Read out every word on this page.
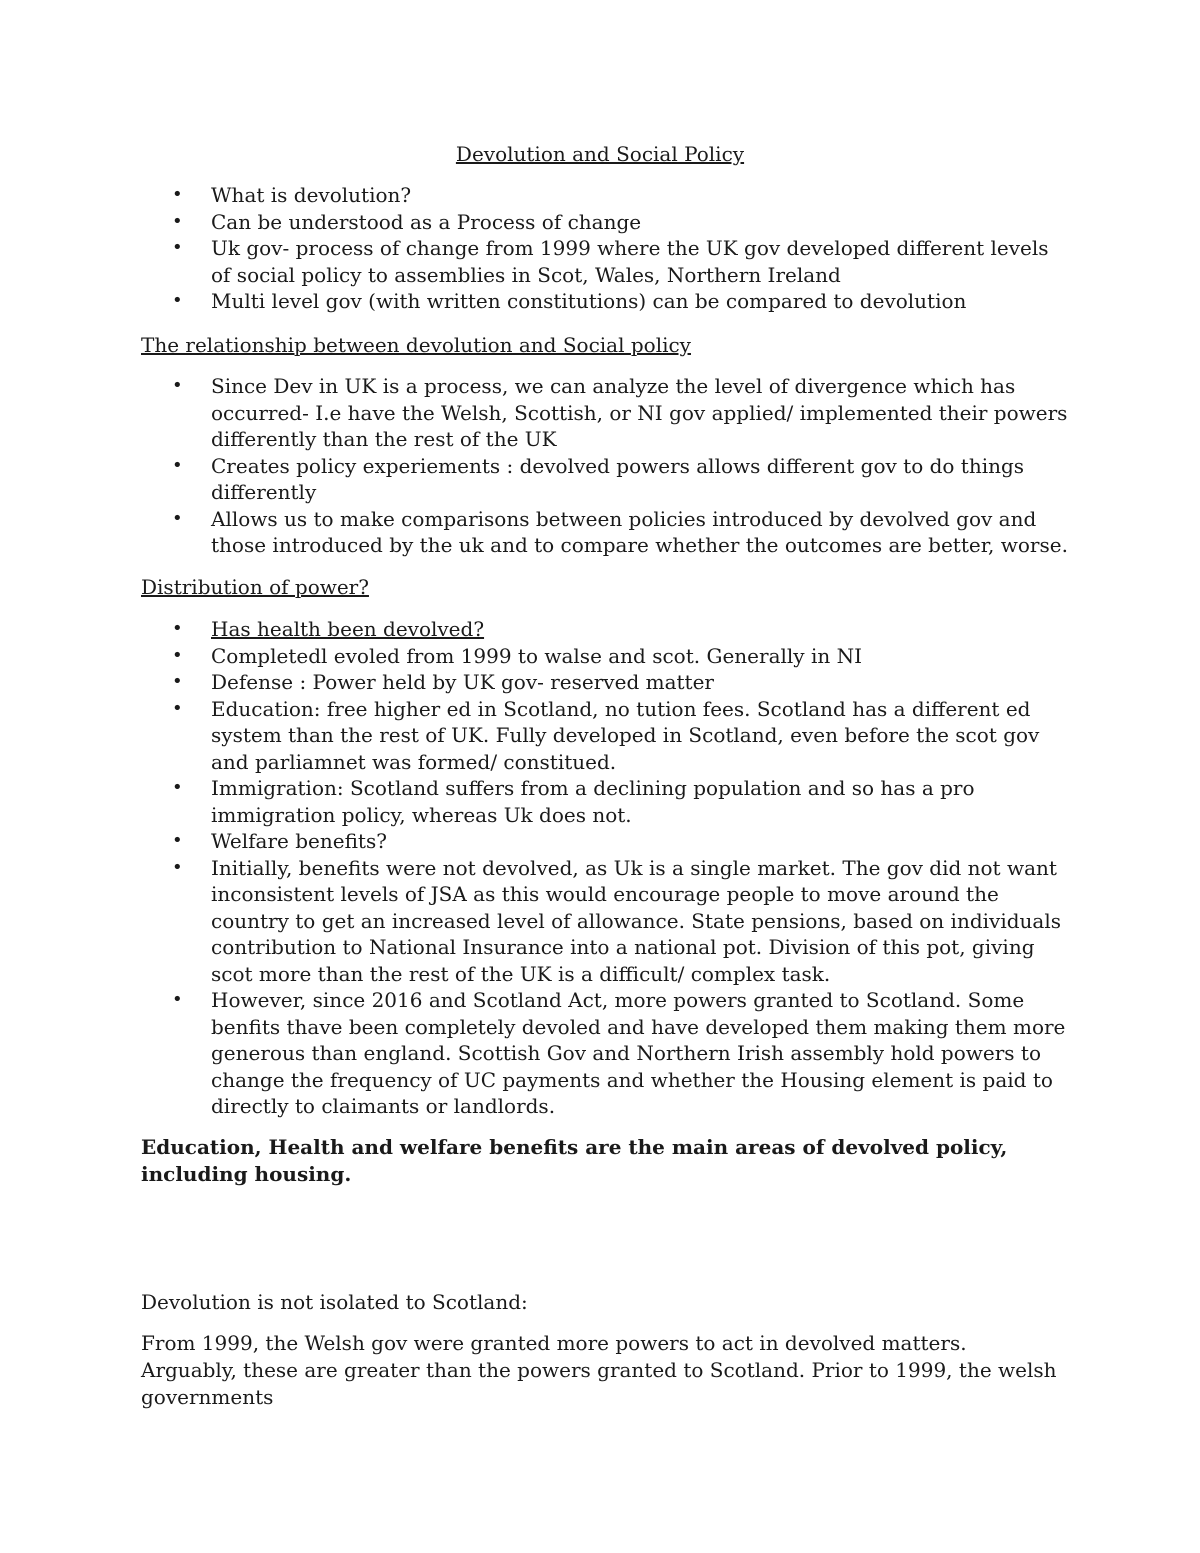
Devolution and Social Policy
• What is devolution?
• Can be understood as a Process of change
• Uk gov- process of change from 1999 where the UK gov developed different levels of social policy to assemblies in Scot, Wales, Northern Ireland
• Multi level gov (with written constitutions) can be compared to devolution
The relationship between devolution and Social policy
• Since Dev in UK is a process, we can analyze the level of divergence which has occurred- I.e have the Welsh, Scottish, or NI gov applied/ implemented their powers differently than the rest of the UK
• Creates policy experiements : devolved powers allows different gov to do things differently
• Allows us to make comparisons between policies introduced by devolved gov and those introduced by the uk and to compare whether the outcomes are better, worse.
Distribution of power?
• Has health been devolved?
• Completedl evoled from 1999 to walse and scot. Generally in NI
• Defense : Power held by UK gov- reserved matter
• Education: free higher ed in Scotland, no tution fees. Scotland has a different ed system than the rest of UK. Fully developed in Scotland, even before the scot gov and parliamnet was formed/ constitued.
• Immigration: Scotland suffers from a declining population and so has a pro immigration policy, whereas Uk does not.
• Welfare benefits?
• Initially, benefits were not devolved, as Uk is a single market. The gov did not want inconsistent levels of JSA as this would encourage people to move around the country to get an increased level of allowance. State pensions, based on individuals contribution to National Insurance into a national pot. Division of this pot, giving scot more than the rest of the UK is a difficult/ complex task.
• However, since 2016 and Scotland Act, more powers granted to Scotland. Some benfits thave been completely devoled and have developed them making them more generous than england. Scottish Gov and Northern Irish assembly hold powers to change the frequency of UC payments and whether the Housing element is paid to directly to claimants or landlords.

Education, Health and welfare benefits are the main areas of devolved policy, including housing.

Devolution is not isolated to Scotland:

From 1999, the Welsh gov were granted more powers to act in devolved matters. Arguably, these are greater than the powers granted to Scotland. Prior to 1999, the welsh governments
